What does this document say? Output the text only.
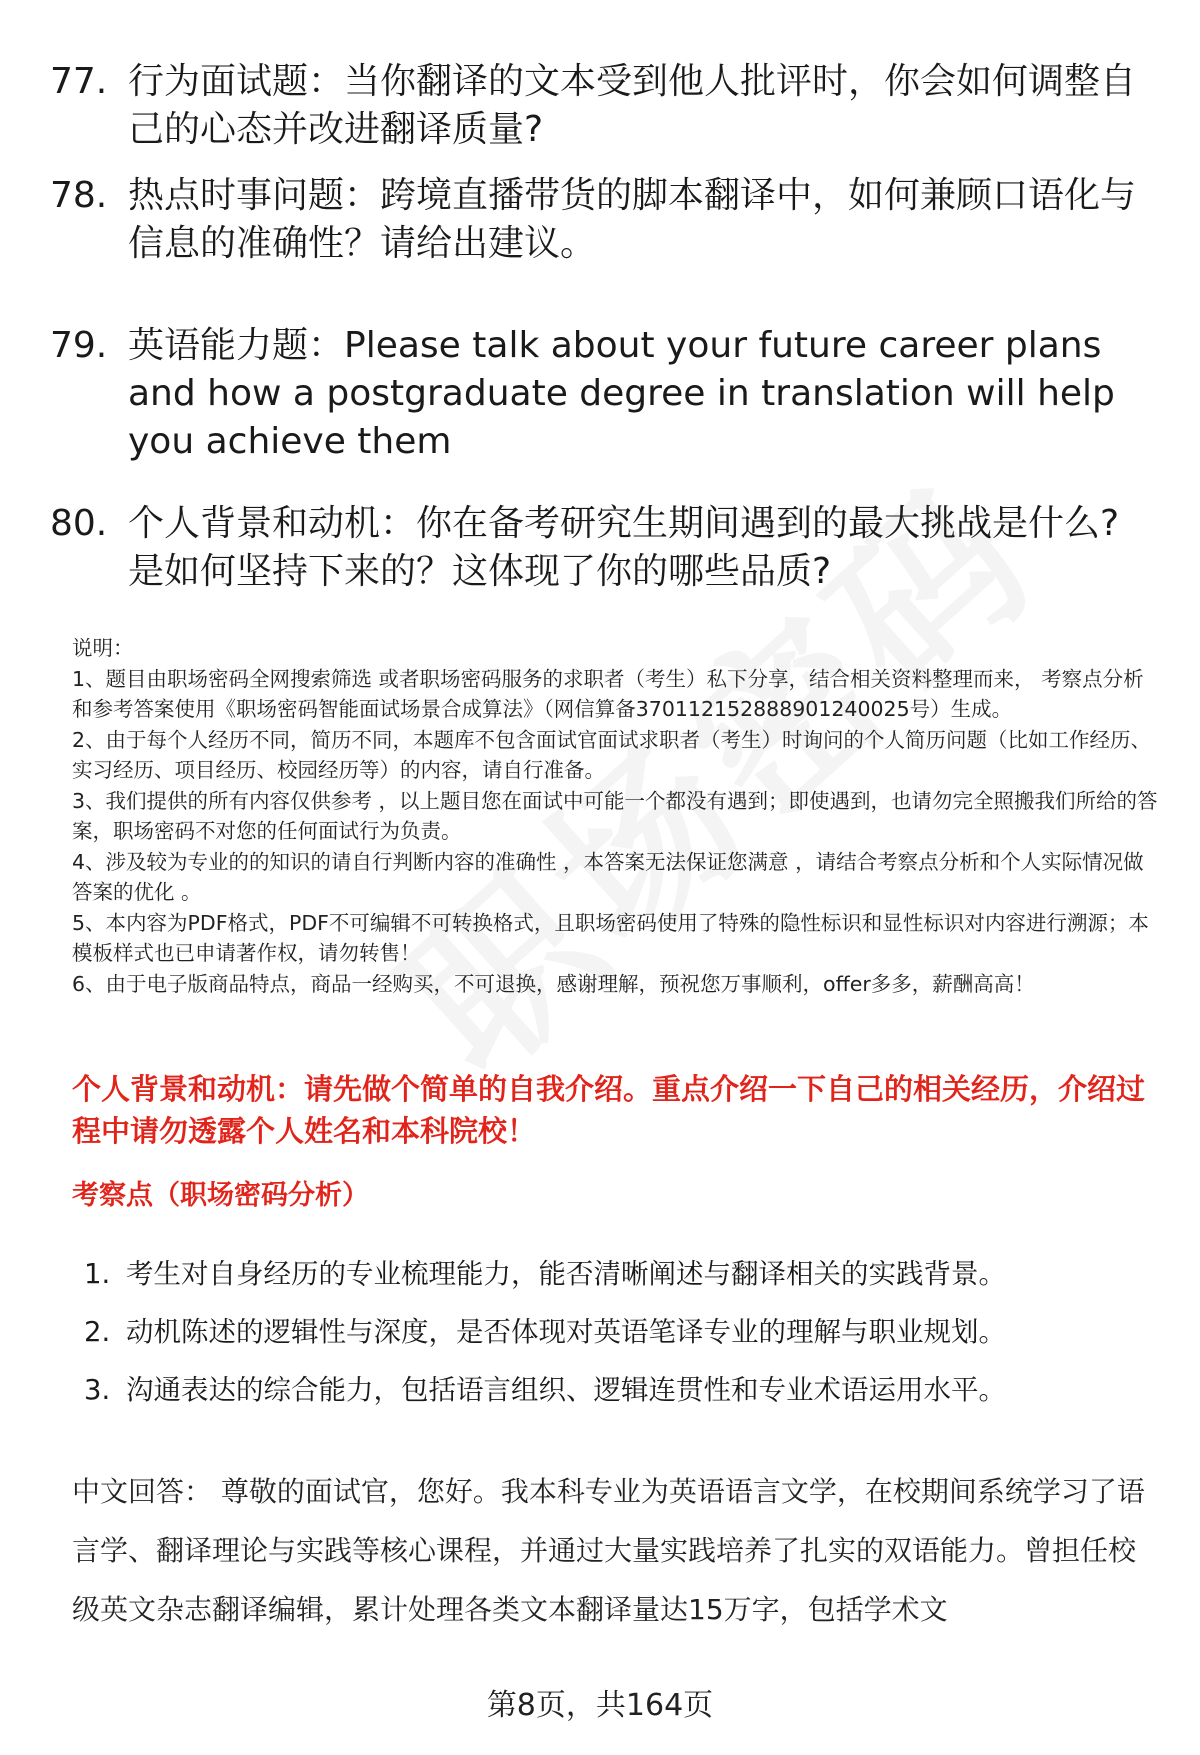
77. 行为面试题：当你翻译的文本受到他人批评时，你会如何调整自己的心态并改进翻译质量?
78. 热点时事问题：跨境直播带货的脚本翻译中，如何兼顾口语化与信息的准确性？请给出建议。
79. 英语能力题：Please talk about your future career plans and how a postgraduate degree in translation will help you achieve them
80. 个人背景和动机：你在备考研究生期间遇到的最大挑战是什么?是如何坚持下来的？这体现了你的哪些品质?

说明：

1、题目由职场密码全网搜索筛选 或者职场密码服务的求职者（考生）私下分享，结合相关资料整理而来， 考察点分析和参考答案使用《职场密码智能面试场景合成算法》（网信算备370112152888901240025号）生成。

2、由于每个人经历不同，简历不同，本题库不包含面试官面试求职者（考生）时询问的个人简历问题（比如工作经历、实习经历、项目经历、校园经历等）的内容，请自行准备。

3、我们提供的所有内容仅供参考 ，以上题目您在面试中可能一个都没有遇到；即使遇到，也请勿完全照搬我们所给的答案，职场密码不对您的任何面试行为负责。

4、涉及较为专业的的知识的请自行判断内容的准确性 ，本答案无法保证您满意 ，请结合考察点分析和个人实际情况做答案的优化 。

5、本内容为PDF格式，PDF不可编辑不可转换格式，且职场密码使用了特殊的隐性标识和显性标识对内容进行溯源；本模板样式也已申请著作权，请勿转售！

6、由于电子版商品特点，商品一经购买，不可退换，感谢理解，预祝您万事顺利，offer多多，薪酬高高！

个人背景和动机：请先做个简单的自我介绍。重点介绍一下自己的相关经历，介绍过程中请勿透露个人姓名和本科院校！
考察点（职场密码分析）
1. 考生对自身经历的专业梳理能力，能否清晰阐述与翻译相关的实践背景。
2. 动机陈述的逻辑性与深度，是否体现对英语笔译专业的理解与职业规划。
3. 沟通表达的综合能力，包括语言组织、逻辑连贯性和专业术语运用水平。
中文回答： 尊敬的面试官，您好。我本科专业为英语语言文学，在校期间系统学习了语言学、翻译理论与实践等核心课程，并通过大量实践培养了扎实的双语能力。曾担任校级英文杂志翻译编辑，累计处理各类文本翻译量达15万字，包括学术文
第8页，共164页
